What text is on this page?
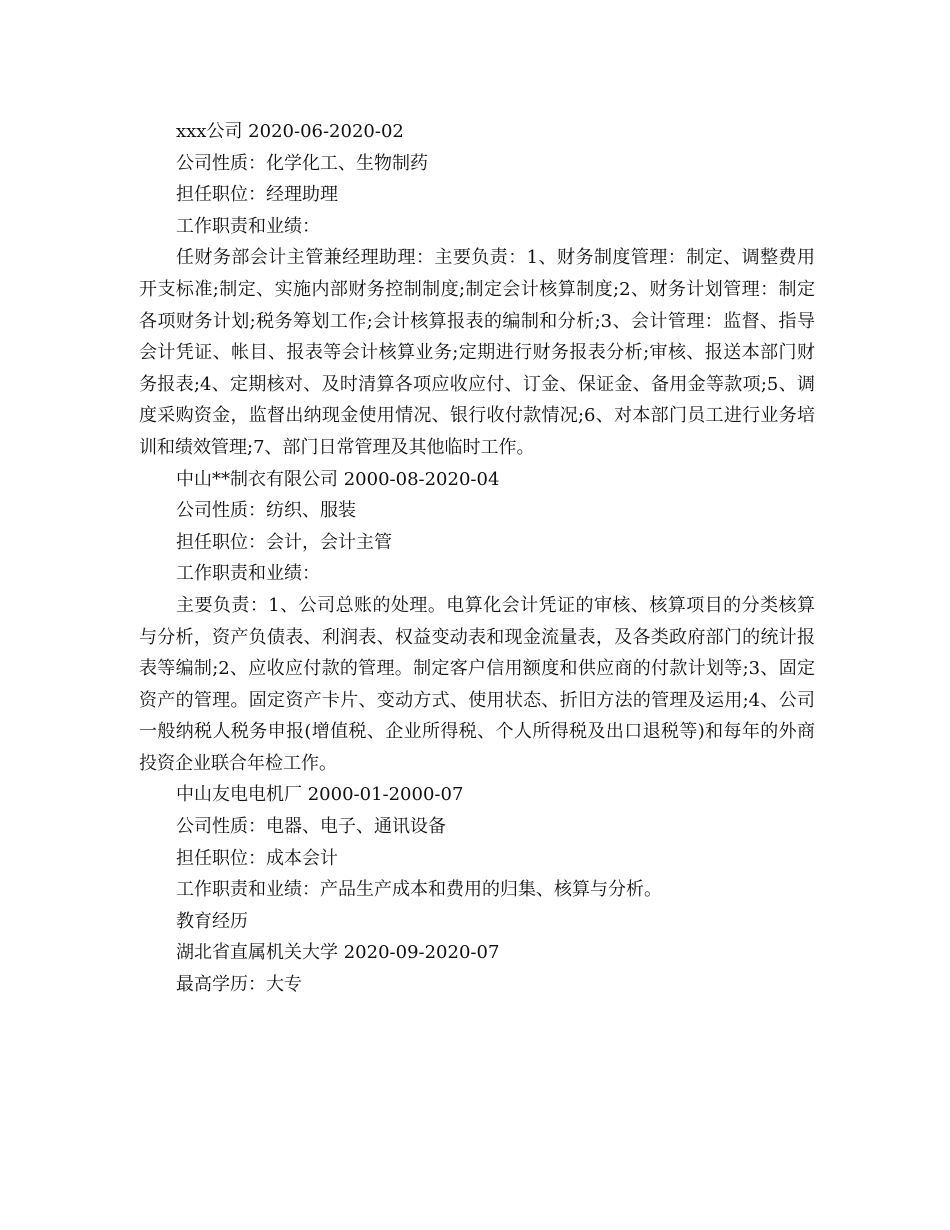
xxx公司 2020-06-2020-02

公司性质：化学化工、生物制药

担任职位：经理助理

工作职责和业绩：

任财务部会计主管兼经理助理：主要负责：1、财务制度管理：制定、调整费用开支标准;制定、实施内部财务控制制度;制定会计核算制度;2、财务计划管理：制定各项财务计划;税务筹划工作;会计核算报表的编制和分析;3、会计管理：监督、指导会计凭证、帐目、报表等会计核算业务;定期进行财务报表分析;审核、报送本部门财务报表;4、定期核对、及时清算各项应收应付、订金、保证金、备用金等款项;5、调度采购资金，监督出纳现金使用情况、银行收付款情况;6、对本部门员工进行业务培训和绩效管理;7、部门日常管理及其他临时工作。

中山**制衣有限公司 2000-08-2020-04

公司性质：纺织、服装

担任职位：会计，会计主管

工作职责和业绩：

主要负责：1、公司总账的处理。电算化会计凭证的审核、核算项目的分类核算与分析，资产负债表、利润表、权益变动表和现金流量表，及各类政府部门的统计报表等编制;2、应收应付款的管理。制定客户信用额度和供应商的付款计划等;3、固定资产的管理。固定资产卡片、变动方式、使用状态、折旧方法的管理及运用;4、公司一般纳税人税务申报(增值税、企业所得税、个人所得税及出口退税等)和每年的外商投资企业联合年检工作。

中山友电电机厂 2000-01-2000-07

公司性质：电器、电子、通讯设备

担任职位：成本会计

工作职责和业绩：产品生产成本和费用的归集、核算与分析。

教育经历

湖北省直属机关大学 2020-09-2020-07

最高学历：大专
